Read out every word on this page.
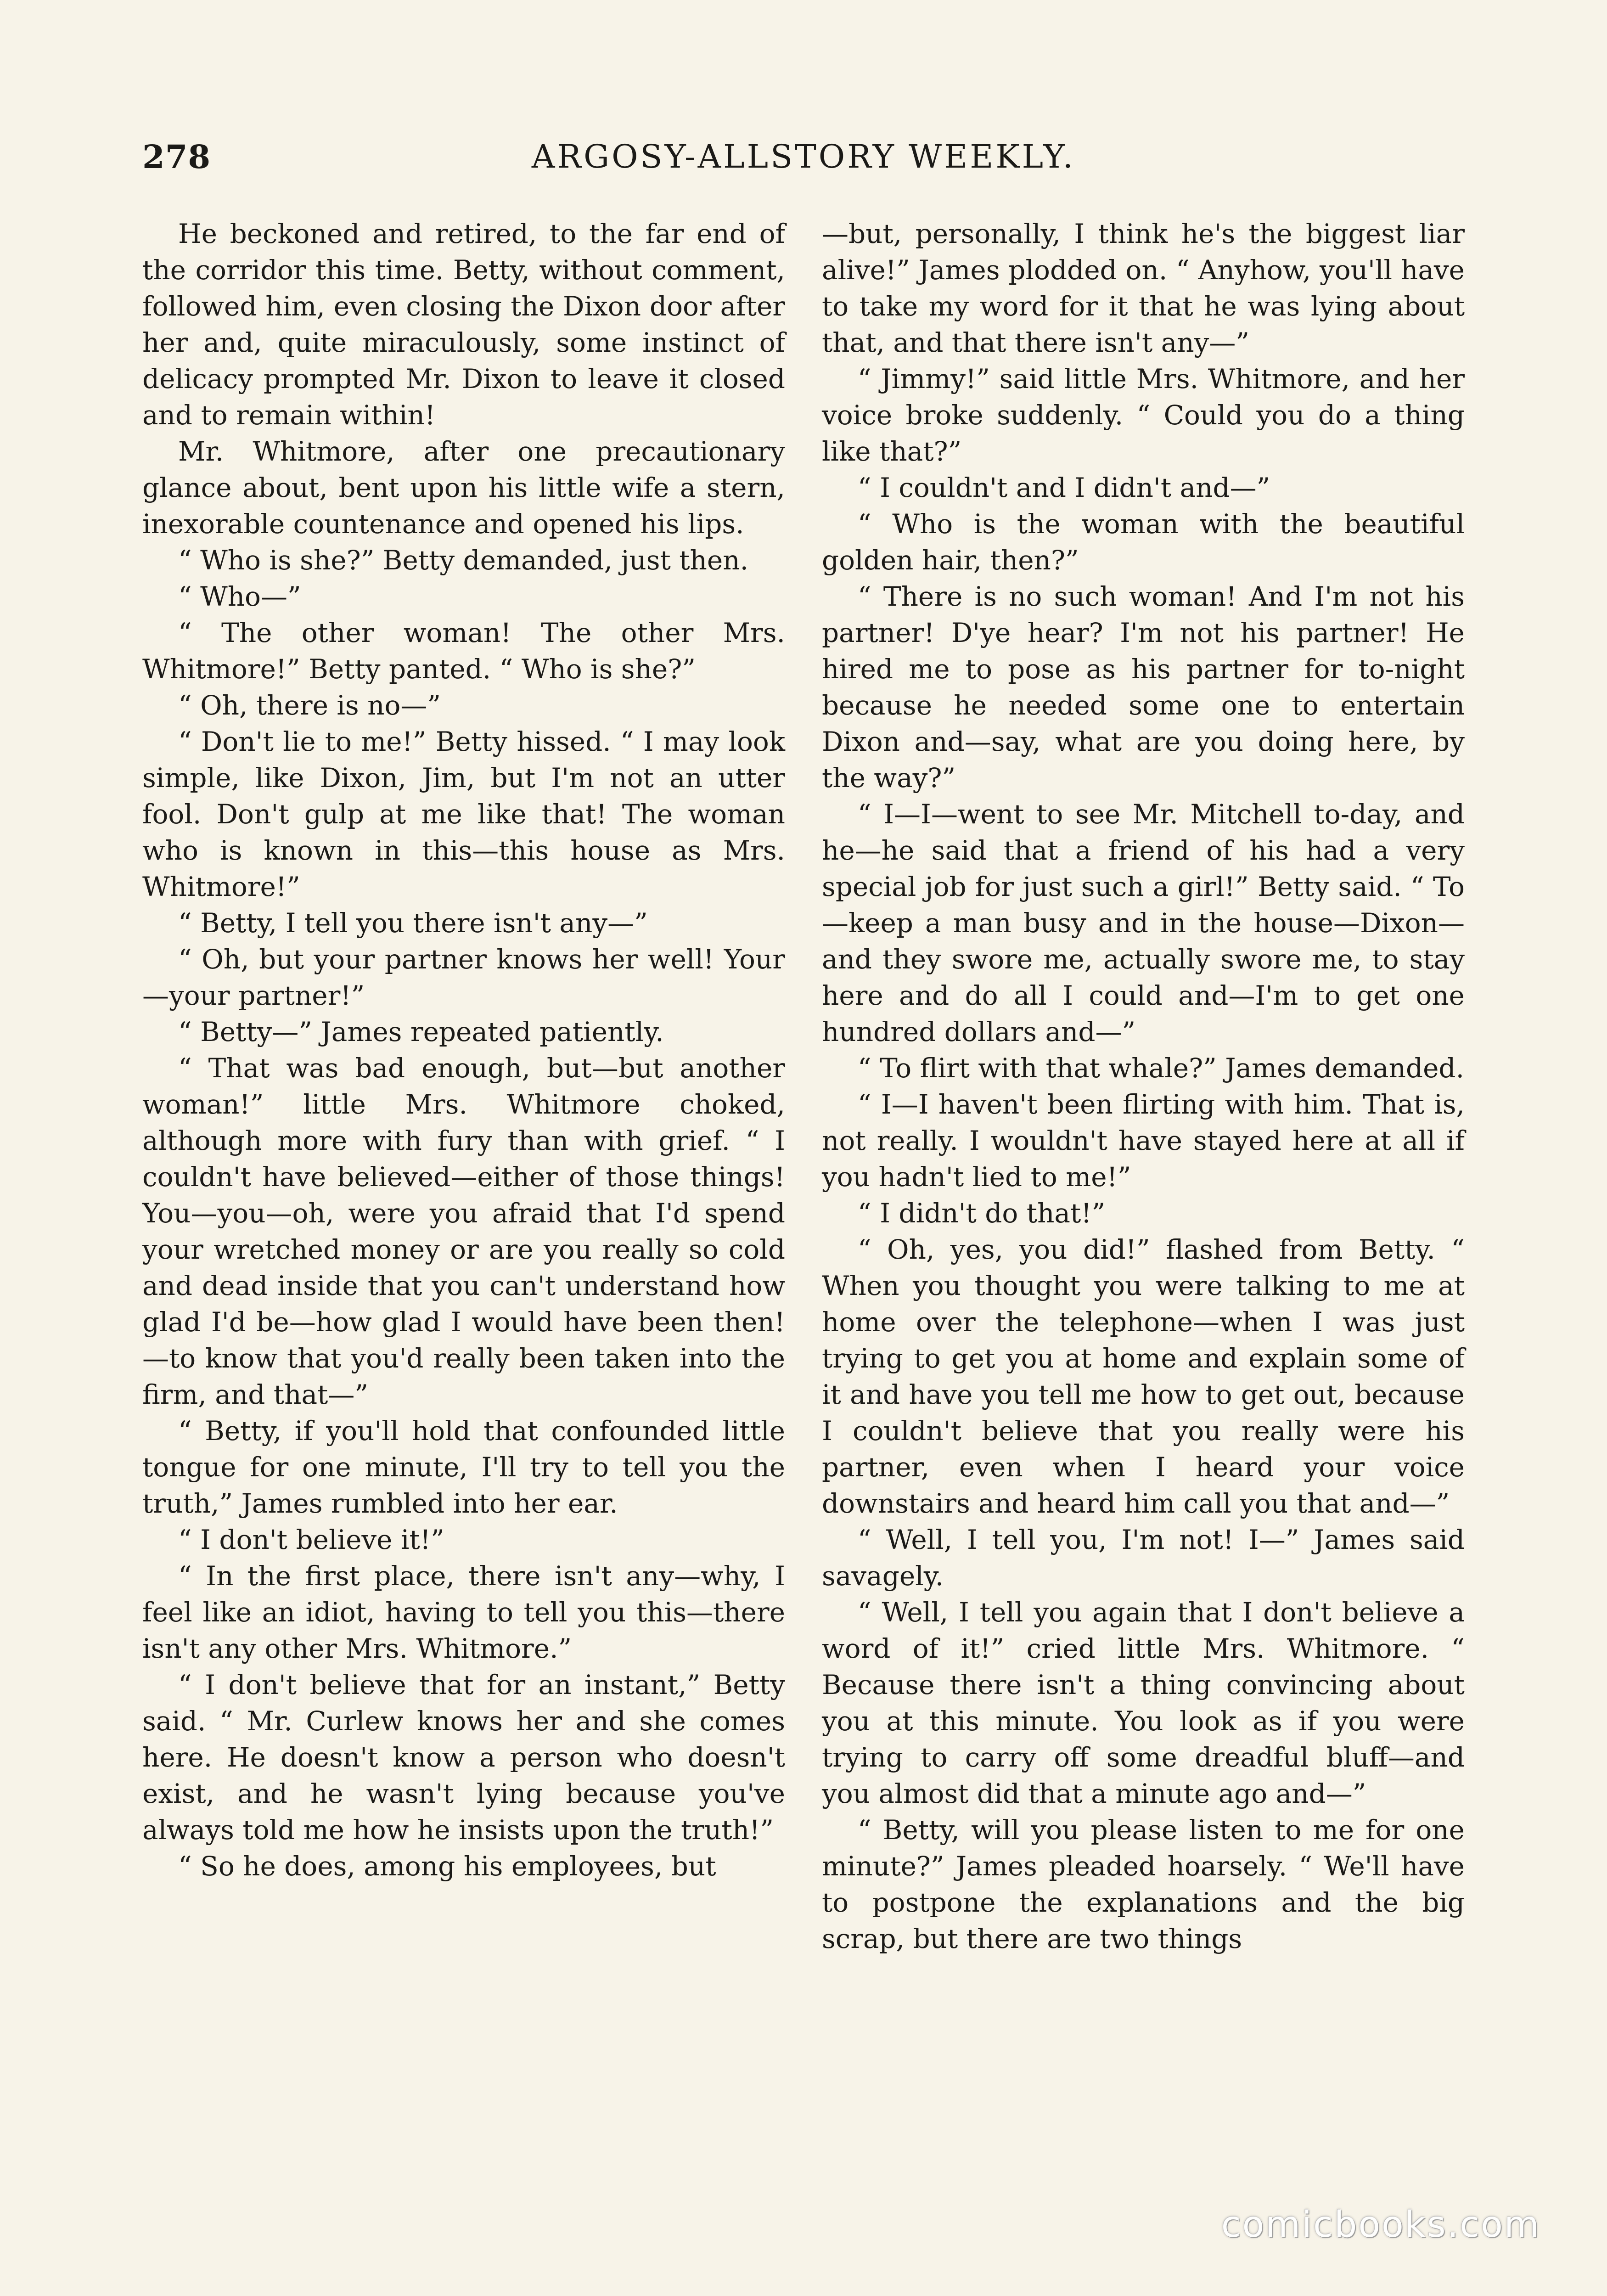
278	ARGOSY-ALLSTORY WEEKLY.

He beckoned and retired, to the far end of the corridor this time. Betty, without comment, followed him, even closing the Dixon door after her and, quite miraculously, some instinct of delicacy prompted Mr. Dixon to leave it closed and to remain within!

Mr. Whitmore, after one precautionary glance about, bent upon his little wife a stern, inexorable countenance and opened his lips.

“ Who is she?” Betty demanded, just then.

“ Who—”

“ The other woman! The other Mrs. Whitmore!” Betty panted. “ Who is she?”

“ Oh, there is no—”

“ Don't lie to me!” Betty hissed. “ I may look simple, like Dixon, Jim, but I'm not an utter fool. Don't gulp at me like that! The woman who is known in this—this house as Mrs. Whitmore!”

“ Betty, I tell you there isn't any—”

“ Oh, but your partner knows her well! Your—your partner!”

“ Betty—” James repeated patiently.

“ That was bad enough, but—but another woman!” little Mrs. Whitmore choked, although more with fury than with grief. “ I couldn't have believed—either of those things! You—you—oh, were you afraid that I'd spend your wretched money or are you really so cold and dead inside that you can't understand how glad I'd be—how glad I would have been then!—to know that you'd really been taken into the firm, and that—”

“ Betty, if you'll hold that confounded little tongue for one minute, I'll try to tell you the truth,” James rumbled into her ear.

“ I don't believe it!”

“ In the first place, there isn't any—why, I feel like an idiot, having to tell you this—there isn't any other Mrs. Whitmore.”

“ I don't believe that for an instant,” Betty said. “ Mr. Curlew knows her and she comes here. He doesn't know a person who doesn't exist, and he wasn't lying because you've always told me how he insists upon the truth!”

“ So he does, among his employees, but

—but, personally, I think he's the biggest liar alive!” James plodded on. “ Anyhow, you'll have to take my word for it that he was lying about that, and that there isn't any—”

“ Jimmy!” said little Mrs. Whitmore, and her voice broke suddenly. “ Could you do a thing like that?”

“ I couldn't and I didn't and—”

“ Who is the woman with the beautiful golden hair, then?”

“ There is no such woman! And I'm not his partner! D'ye hear? I'm not his partner! He hired me to pose as his partner for to-night because he needed some one to entertain Dixon and—say, what are you doing here, by the way?”

“ I—I—went to see Mr. Mitchell to-day, and he—he said that a friend of his had a very special job for just such a girl!” Betty said. “ To—keep a man busy and in the house—Dixon—and they swore me, actually swore me, to stay here and do all I could and—I'm to get one hundred dollars and—”

“ To flirt with that whale?” James demanded.

“ I—I haven't been flirting with him. That is, not really. I wouldn't have stayed here at all if you hadn't lied to me!”

“ I didn't do that!”

“ Oh, yes, you did!” flashed from Betty. “ When you thought you were talking to me at home over the telephone—when I was just trying to get you at home and explain some of it and have you tell me how to get out, because I couldn't believe that you really were his partner, even when I heard your voice downstairs and heard him call you that and—”

“ Well, I tell you, I'm not! I—” James said savagely.

“ Well, I tell you again that I don't believe a word of it!” cried little Mrs. Whitmore. “ Because there isn't a thing convincing about you at this minute. You look as if you were trying to carry off some dreadful bluff—and you almost did that a minute ago and—”

“ Betty, will you please listen to me for one minute?” James pleaded hoarsely. “ We'll have to postpone the explanations and the big scrap, but there are two things

comicbooks.com
